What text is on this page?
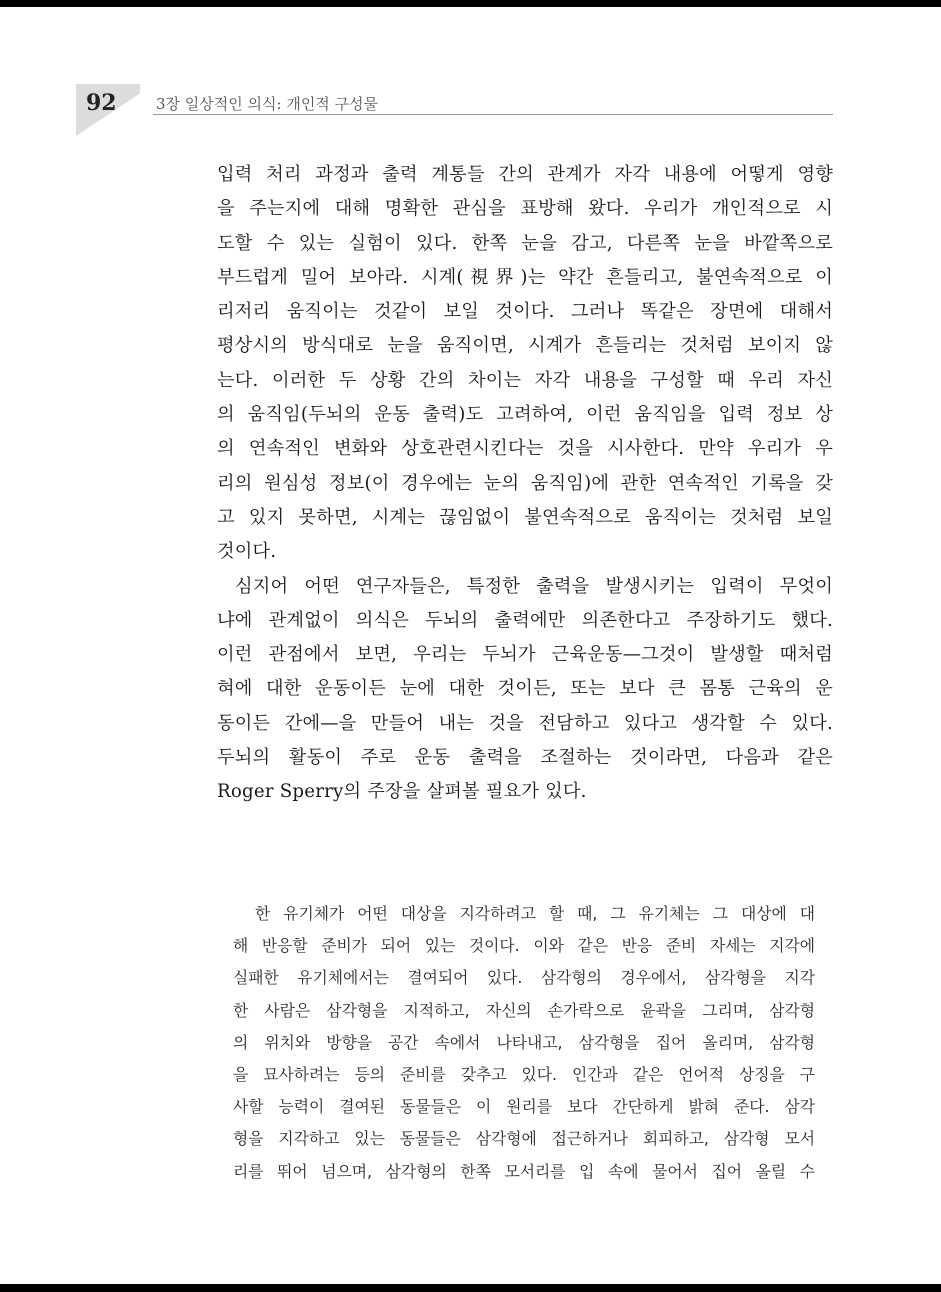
92	3장 일상적인 의식: 개인적 구성물

입력 처리 과정과 출력 계통들 간의 관계가 자각 내용에 어떻게 영향

을 주는지에 대해 명확한 관심을 표방해 왔다. 우리가 개인적으로 시

도할 수 있는 실험이 있다. 한쪽 눈을 감고, 다른쪽 눈을 바깥쪽으로

부드럽게 밀어 보아라. 시계(視界)는 약간 흔들리고, 불연속적으로 이

리저리 움직이는 것같이 보일 것이다. 그러나 똑같은 장면에 대해서

평상시의 방식대로 눈을 움직이면, 시계가 흔들리는 것처럼 보이지 않

는다. 이러한 두 상황 간의 차이는 자각 내용을 구성할 때 우리 자신

의 움직임(두뇌의 운동 출력)도 고려하여, 이런 움직임을 입력 정보 상

의 연속적인 변화와 상호관련시킨다는 것을 시사한다. 만약 우리가 우

리의 원심성 정보(이 경우에는 눈의 움직임)에 관한 연속적인 기록을 갖

고 있지 못하면, 시계는 끊임없이 불연속적으로 움직이는 것처럼 보일

것이다.

심지어 어떤 연구자들은, 특정한 출력을 발생시키는 입력이 무엇이

냐에 관계없이 의식은 두뇌의 출력에만 의존한다고 주장하기도 했다.

이런 관점에서 보면, 우리는 두뇌가 근육운동—그것이 발생할 때처럼

혀에 대한 운동이든 눈에 대한 것이든, 또는 보다 큰 몸통 근육의 운

동이든 간에—을 만들어 내는 것을 전담하고 있다고 생각할 수 있다.

두뇌의 활동이 주로 운동 출력을 조절하는 것이라면, 다음과 같은

Roger Sperry의 주장을 살펴볼 필요가 있다.

한 유기체가 어떤 대상을 지각하려고 할 때, 그 유기체는 그 대상에 대

해 반응할 준비가 되어 있는 것이다. 이와 같은 반응 준비 자세는 지각에

실패한 유기체에서는 결여되어 있다. 삼각형의 경우에서, 삼각형을 지각

한 사람은 삼각형을 지적하고, 자신의 손가락으로 윤곽을 그리며, 삼각형

의 위치와 방향을 공간 속에서 나타내고, 삼각형을 집어 올리며, 삼각형

을 묘사하려는 등의 준비를 갖추고 있다. 인간과 같은 언어적 상징을 구

사할 능력이 결여된 동물들은 이 원리를 보다 간단하게 밝혀 준다. 삼각

형을 지각하고 있는 동물들은 삼각형에 접근하거나 회피하고, 삼각형 모서

리를 뛰어 넘으며, 삼각형의 한쪽 모서리를 입 속에 물어서 집어 올릴 수
